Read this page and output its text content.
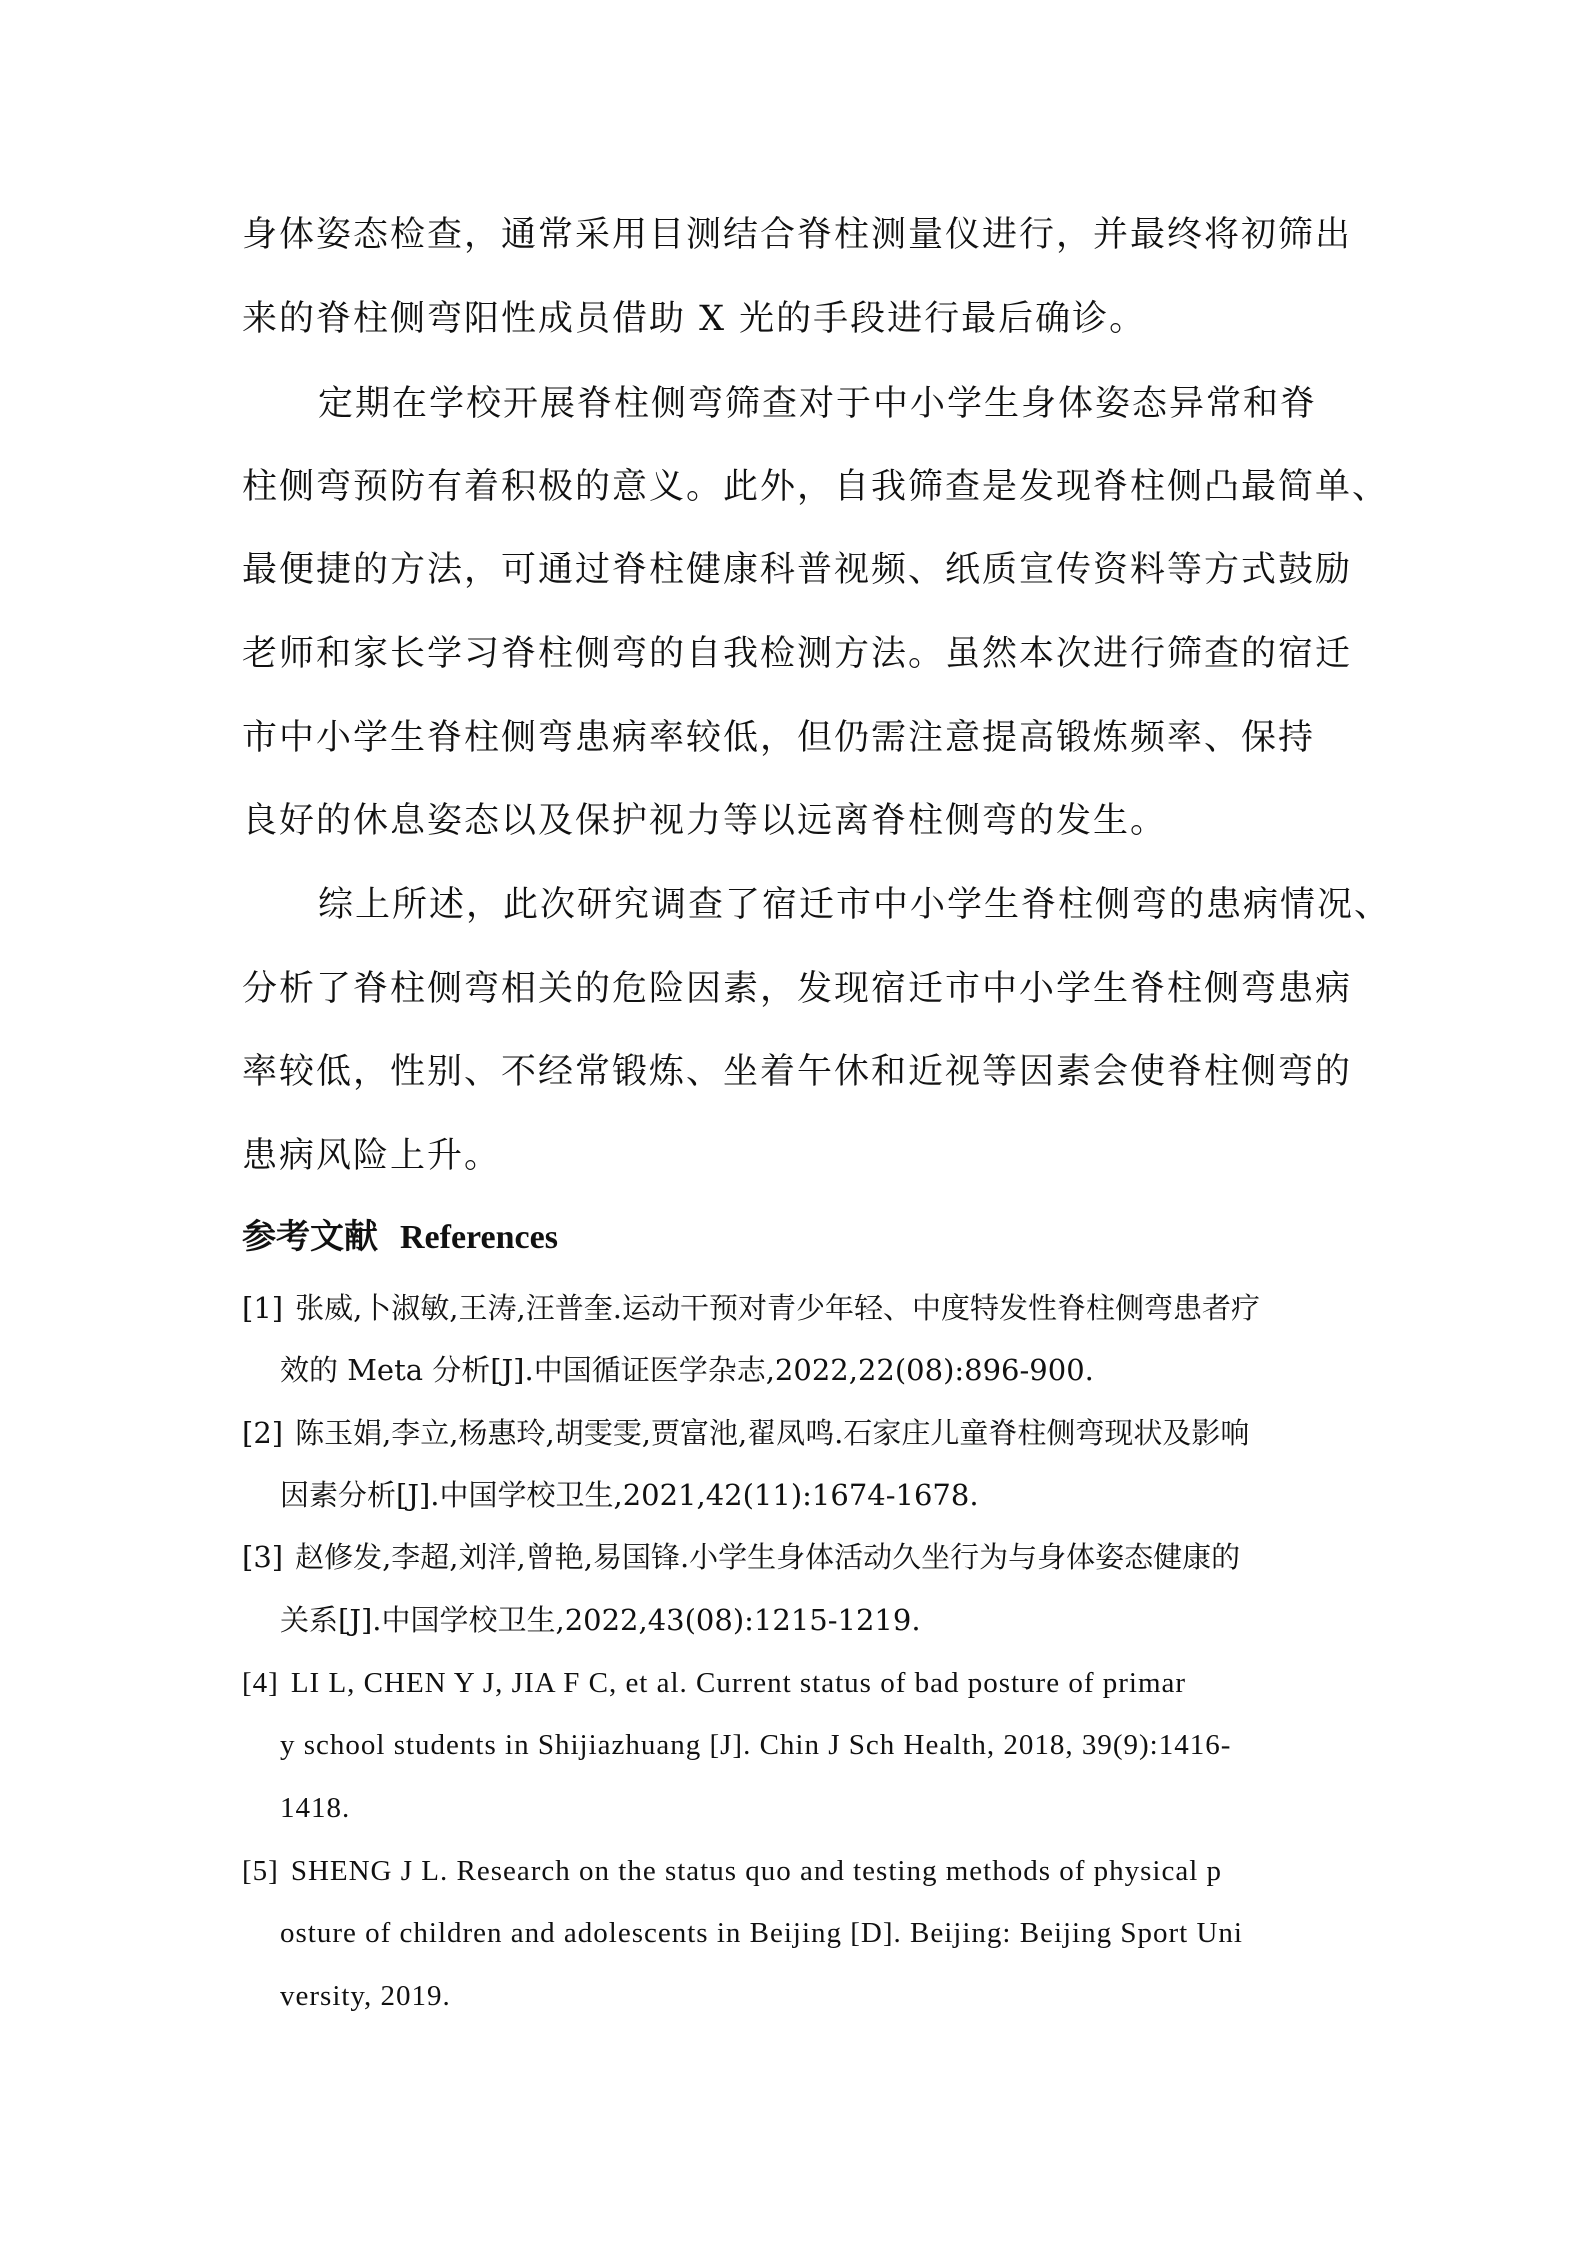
身体姿态检查，通常采用目测结合脊柱测量仪进行，并最终将初筛出
来的脊柱侧弯阳性成员借助 X 光的手段进行最后确诊。
定期在学校开展脊柱侧弯筛查对于中小学生身体姿态异常和脊
柱侧弯预防有着积极的意义。此外，自我筛查是发现脊柱侧凸最简单、
最便捷的方法，可通过脊柱健康科普视频、纸质宣传资料等方式鼓励
老师和家长学习脊柱侧弯的自我检测方法。虽然本次进行筛查的宿迁
市中小学生脊柱侧弯患病率较低，但仍需注意提高锻炼频率、保持
良好的休息姿态以及保护视力等以远离脊柱侧弯的发生。
综上所述，此次研究调查了宿迁市中小学生脊柱侧弯的患病情况、
分析了脊柱侧弯相关的危险因素，发现宿迁市中小学生脊柱侧弯患病
率较低，性别、不经常锻炼、坐着午休和近视等因素会使脊柱侧弯的
患病风险上升。
参考文献 References
[1] 张威,卜淑敏,王涛,汪普奎.运动干预对青少年轻、中度特发性脊柱侧弯患者疗
效的 Meta 分析[J].中国循证医学杂志,2022,22(08):896-900.
[2] 陈玉娟,李立,杨惠玲,胡雯雯,贾富池,翟凤鸣.石家庄儿童脊柱侧弯现状及影响
因素分析[J].中国学校卫生,2021,42(11):1674-1678.
[3] 赵修发,李超,刘洋,曾艳,易国锋.小学生身体活动久坐行为与身体姿态健康的
关系[J].中国学校卫生,2022,43(08):1215-1219.
[4] LI L, CHEN Y J, JIA F C, et al. Current status of bad posture of primar
y school students in Shijiazhuang [J]. Chin J Sch Health, 2018, 39(9):1416-
1418.
[5] SHENG J L. Research on the status quo and testing methods of physical p
osture of children and adolescents in Beijing [D]. Beijing: Beijing Sport Uni
versity, 2019.
